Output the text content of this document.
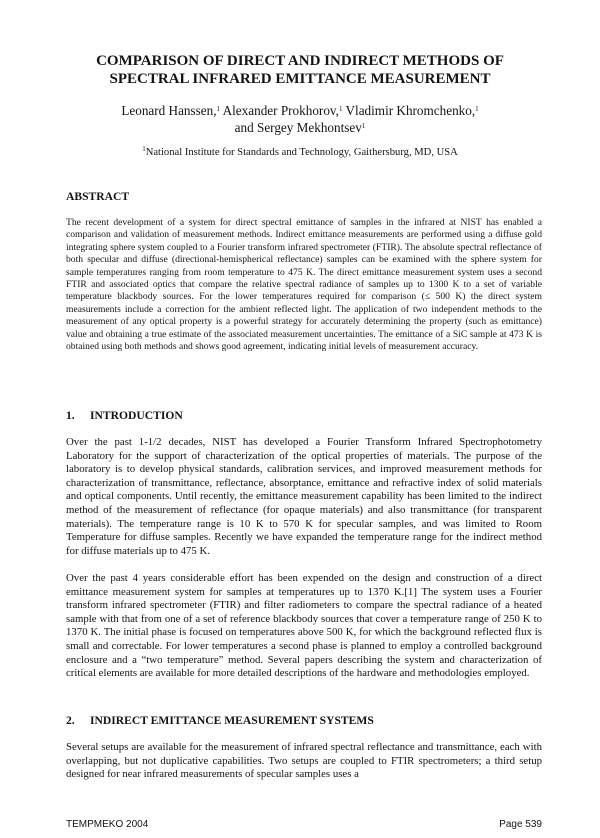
COMPARISON OF DIRECT AND INDIRECT METHODS OF
SPECTRAL INFRARED EMITTANCE MEASUREMENT

Leonard Hanssen,$^1$ Alexander Prokhorov,$^1$ Vladimir Khromchenko,$^1$
and Sergey Mekhontsev$^1$

$^1$National Institute for Standards and Technology, Gaithersburg, MD, USA

ABSTRACT

The recent development of a system for direct spectral emittance of samples in the infrared at NIST has enabled a comparison and validation of measurement methods. Indirect emittance measurements are performed using a diffuse gold integrating sphere system coupled to a Fourier transform infrared spectrometer (FTIR). The absolute spectral reflectance of both specular and diffuse (directional-hemispherical reflectance) samples can be examined with the sphere system for sample temperatures ranging from room temperature to 475 K. The direct emittance measurement system uses a second FTIR and associated optics that compare the relative spectral radiance of samples up to 1300 K to a set of variable temperature blackbody sources. For the lower temperatures required for comparison (≤ 500 K) the direct system measurements include a correction for the ambient reflected light. The application of two independent methods to the measurement of any optical property is a powerful strategy for accurately determining the property (such as emittance) value and obtaining a true estimate of the associated measurement uncertainties. The emittance of a SiC sample at 473 K is obtained using both methods and shows good agreement, indicating initial levels of measurement accuracy.

1. INTRODUCTION

Over the past 1-1/2 decades, NIST has developed a Fourier Transform Infrared Spectrophotometry Laboratory for the support of characterization of the optical properties of materials. The purpose of the laboratory is to develop physical standards, calibration services, and improved measurement methods for characterization of transmittance, reflectance, absorptance, emittance and refractive index of solid materials and optical components. Until recently, the emittance measurement capability has been limited to the indirect method of the measurement of reflectance (for opaque materials) and also transmittance (for transparent materials). The temperature range is 10 K to 570 K for specular samples, and was limited to Room Temperature for diffuse samples. Recently we have expanded the temperature range for the indirect method for diffuse materials up to 475 K.

Over the past 4 years considerable effort has been expended on the design and construction of a direct emittance measurement system for samples at temperatures up to 1370 K.[1] The system uses a Fourier transform infrared spectrometer (FTIR) and filter radiometers to compare the spectral radiance of a heated sample with that from one of a set of reference blackbody sources that cover a temperature range of 250 K to 1370 K. The initial phase is focused on temperatures above 500 K, for which the background reflected flux is small and correctable. For lower temperatures a second phase is planned to employ a controlled background enclosure and a “two temperature” method. Several papers describing the system and characterization of critical elements are available for more detailed descriptions of the hardware and methodologies employed.

2. INDIRECT EMITTANCE MEASUREMENT SYSTEMS

Several setups are available for the measurement of infrared spectral reflectance and transmittance, each with overlapping, but not duplicative capabilities. Two setups are coupled to FTIR spectrometers; a third setup designed for near infrared measurements of specular samples uses a

TEMPMEKO 2004	Page 539
